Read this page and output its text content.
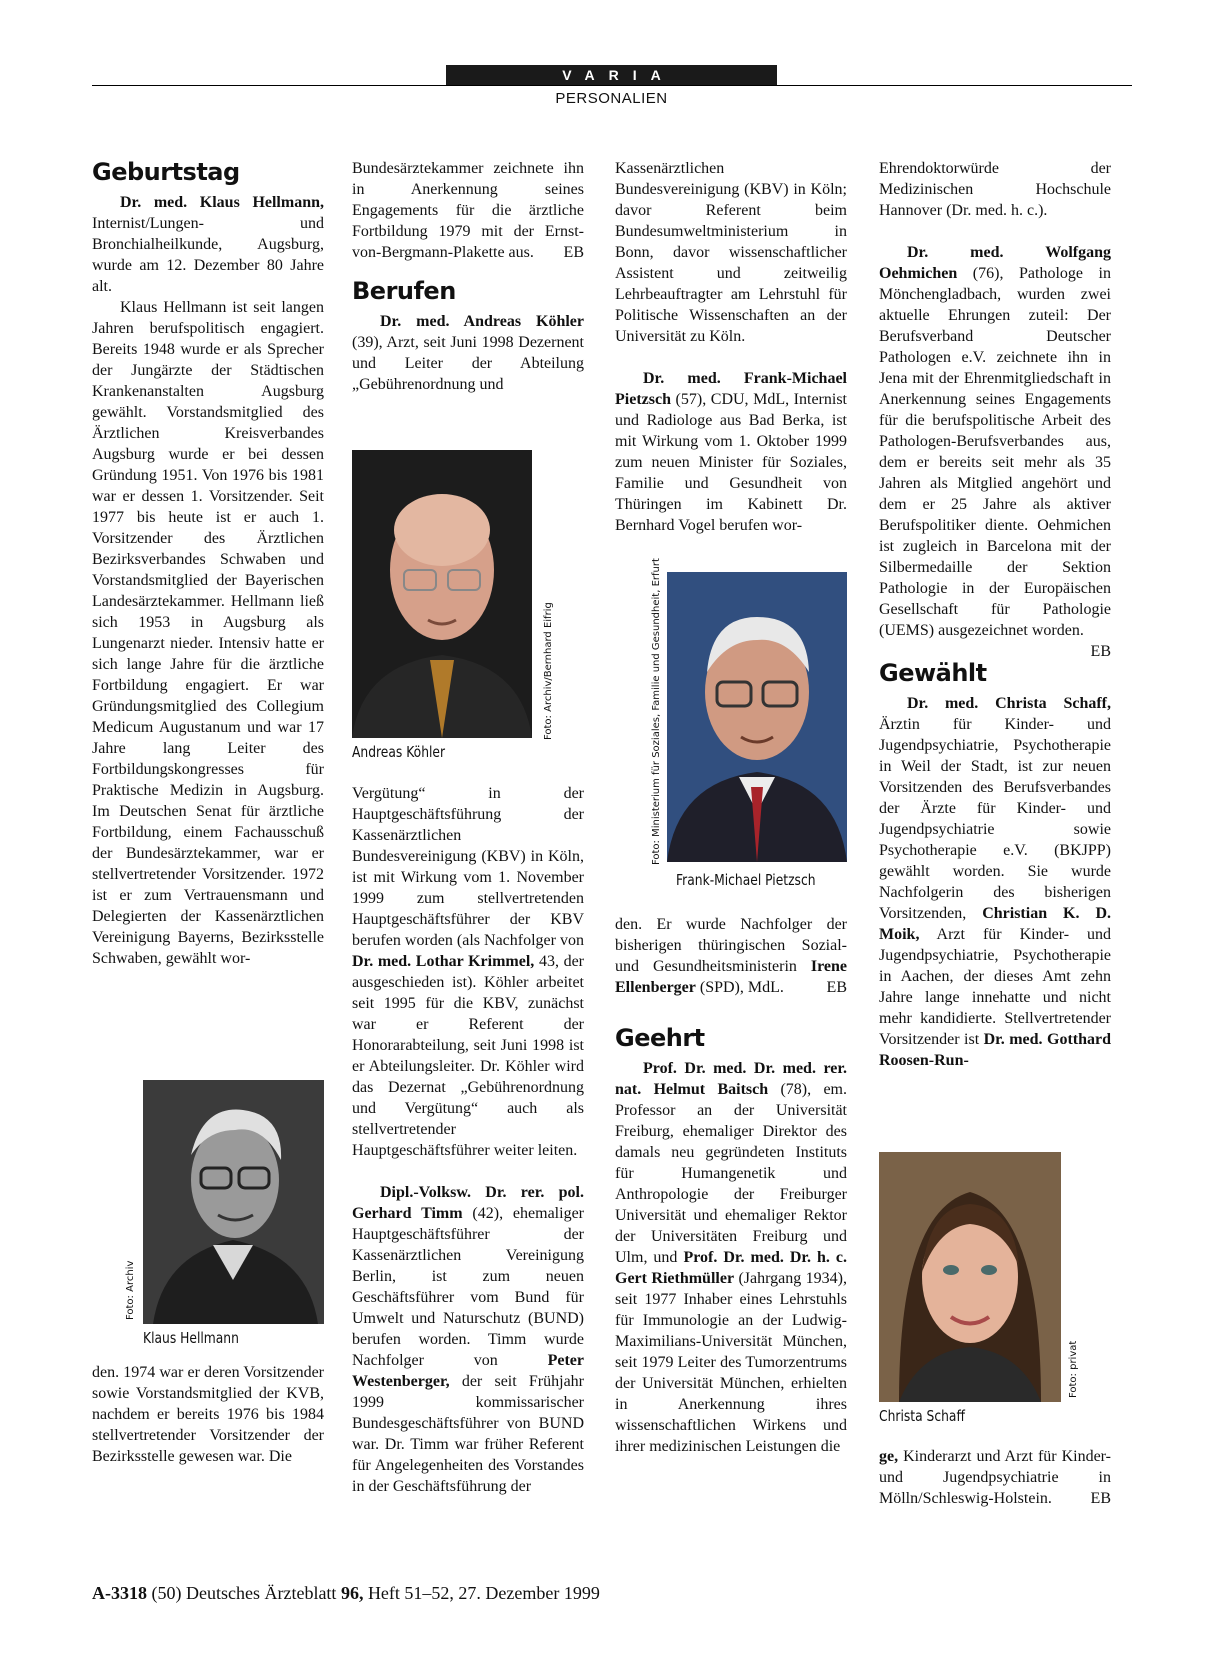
VARIA
PERSONALIEN
Geburtstag

Dr. med. Klaus Hellmann, Internist/Lungen- und Bronchialheilkunde, Augsburg, wurde am 12. Dezember 80 Jahre alt.

Klaus Hellmann ist seit langen Jahren berufspolitisch engagiert. Bereits 1948 wurde er als Sprecher der Jungärzte der Städtischen Krankenanstalten Augsburg gewählt. Vorstandsmitglied des Ärztlichen Kreisverbandes Augsburg wurde er bei dessen Gründung 1951. Von 1976 bis 1981 war er dessen 1. Vorsitzender. Seit 1977 bis heute ist er auch 1. Vorsitzender des Ärztlichen Bezirksverbandes Schwaben und Vorstandsmitglied der Bayerischen Landesärztekammer. Hellmann ließ sich 1953 in Augsburg als Lungenarzt nieder. Intensiv hatte er sich lange Jahre für die ärztliche Fortbildung engagiert. Er war Gründungsmitglied des Collegium Medicum Augustanum und war 17 Jahre lang Leiter des Fortbildungskongresses für Praktische Medizin in Augsburg. Im Deutschen Senat für ärztliche Fortbildung, einem Fachausschuß der Bundesärztekammer, war er stellvertretender Vorsitzender. 1972 ist er zum Vertrauensmann und Delegierten der Kassenärztlichen Vereinigung Bayerns, Bezirksstelle Schwaben, gewählt wor-

Foto: Archiv
Klaus Hellmann

den. 1974 war er deren Vorsitzender sowie Vorstandsmitglied der KVB, nachdem er bereits 1976 bis 1984 stellvertretender Vorsitzender der Bezirksstelle gewesen war. Die

Bundesärztekammer zeichnete ihn in Anerkennung seines Engagements für die ärztliche Fortbildung 1979 mit der Ernst-von-Bergmann-Plakette aus. EB

Berufen

Dr. med. Andreas Köhler (39), Arzt, seit Juni 1998 Dezernent und Leiter der Abteilung „Gebührenordnung und

Foto: Archiv/Bernhard Eifrig
Andreas Köhler

Vergütung“ in der Hauptgeschäftsführung der Kassenärztlichen Bundesvereinigung (KBV) in Köln, ist mit Wirkung vom 1. November 1999 zum stellvertretenden Hauptgeschäftsführer der KBV berufen worden (als Nachfolger von Dr. med. Lothar Krimmel, 43, der ausgeschieden ist). Köhler arbeitet seit 1995 für die KBV, zunächst war er Referent der Honorarabteilung, seit Juni 1998 ist er Abteilungsleiter. Dr. Köhler wird das Dezernat „Gebührenordnung und Vergütung“ auch als stellvertretender Hauptgeschäftsführer weiter leiten.

Dipl.-Volksw. Dr. rer. pol. Gerhard Timm (42), ehemaliger Hauptgeschäftsführer der Kassenärztlichen Vereinigung Berlin, ist zum neuen Geschäftsführer vom Bund für Umwelt und Naturschutz (BUND) berufen worden. Timm wurde Nachfolger von Peter Westenberger, der seit Frühjahr 1999 kommissarischer Bundesgeschäftsführer von BUND war. Dr. Timm war früher Referent für Angelegenheiten des Vorstandes in der Geschäftsführung der

Kassenärztlichen Bundesvereinigung (KBV) in Köln; davor Referent beim Bundesumweltministerium in Bonn, davor wissenschaftlicher Assistent und zeitweilig Lehrbeauftragter am Lehrstuhl für Politische Wissenschaften an der Universität zu Köln.

Dr. med. Frank-Michael Pietzsch (57), CDU, MdL, Internist und Radiologe aus Bad Berka, ist mit Wirkung vom 1. Oktober 1999 zum neuen Minister für Soziales, Familie und Gesundheit von Thüringen im Kabinett Dr. Bernhard Vogel berufen wor-

Foto: Ministerium für Soziales, Familie und Gesundheit, Erfurt
Frank-Michael Pietzsch

den. Er wurde Nachfolger der bisherigen thüringischen Sozial- und Gesundheitsministerin Irene Ellenberger (SPD), MdL.	EB

Geehrt

Prof. Dr. med. Dr. med. rer. nat. Helmut Baitsch (78), em. Professor an der Universität Freiburg, ehemaliger Direktor des damals neu gegründeten Instituts für Humangenetik und Anthropologie der Freiburger Universität und ehemaliger Rektor der Universitäten Freiburg und Ulm, und Prof. Dr. med. Dr. h. c. Gert Riethmüller (Jahrgang 1934), seit 1977 Inhaber eines Lehrstuhls für Immunologie an der Ludwig-Maximilians-Universität München, seit 1979 Leiter des Tumorzentrums der Universität München, erhielten in Anerkennung ihres wissenschaftlichen Wirkens und ihrer medizinischen Leistungen die

Ehrendoktorwürde der Medizinischen Hochschule Hannover (Dr. med. h. c.).

Dr. med. Wolfgang Oehmichen (76), Pathologe in Mönchengladbach, wurden zwei aktuelle Ehrungen zuteil: Der Berufsverband Deutscher Pathologen e.V. zeichnete ihn in Jena mit der Ehrenmitgliedschaft in Anerkennung seines Engagements für die berufspolitische Arbeit des Pathologen-Berufsverbandes aus, dem er bereits seit mehr als 35 Jahren als Mitglied angehört und dem er 25 Jahre als aktiver Berufspolitiker diente. Oehmichen ist zugleich in Barcelona mit der Silbermedaille der Sektion Pathologie in der Europäischen Gesellschaft für Pathologie (UEMS) ausgezeichnet worden.
EB

Gewählt

Dr. med. Christa Schaff, Ärztin für Kinder- und Jugendpsychiatrie, Psychotherapie in Weil der Stadt, ist zur neuen Vorsitzenden des Berufsverbandes der Ärzte für Kinder- und Jugendpsychiatrie sowie Psychotherapie e.V. (BKJPP) gewählt worden. Sie wurde Nachfolgerin des bisherigen Vorsitzenden, Christian K. D. Moik, Arzt für Kinder- und Jugendpsychiatrie, Psychotherapie in Aachen, der dieses Amt zehn Jahre lange innehatte und nicht mehr kandidierte. Stellvertretender Vorsitzender ist Dr. med. Gotthard Roosen-Run-

Foto: privat
Christa Schaff

ge, Kinderarzt und Arzt für Kinder- und Jugendpsychiatrie in Mölln/Schleswig-Holstein. EB

A-3318 (50) Deutsches Ärzteblatt 96, Heft 51–52, 27. Dezember 1999
